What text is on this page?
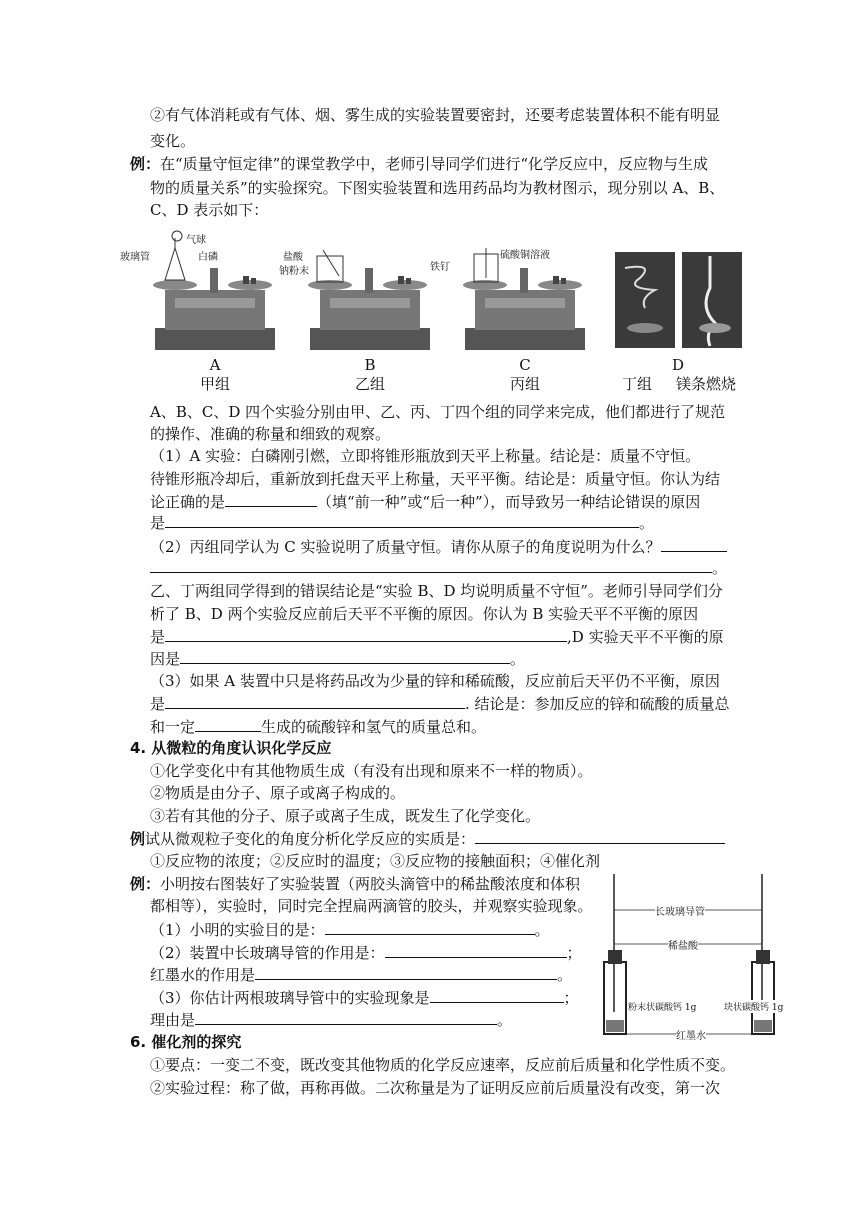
②有气体消耗或有气体、烟、雾生成的实验装置要密封，还要考虑装置体积不能有明显
变化。
例：在“质量守恒定律”的课堂教学中，老师引导同学们进行“化学反应中，反应物与生成
物的质量关系”的实验探究。下图实验装置和选用药品均为教材图示，现分别以 A、B、
C、D 表示如下：
玻璃管
气球
白磷	盐酸
钠粉末
硫酸铜溶液
铁钉
A	B	C	D
甲组	乙组	丙组	丁组	镁条燃烧
A、B、C、D 四个实验分别由甲、乙、丙、丁四个组的同学来完成，他们都进行了规范
的操作、准确的称量和细致的观察。
（1）A 实验：白磷刚引燃，立即将锥形瓶放到天平上称量。结论是：质量不守恒。
待锥形瓶冷却后，重新放到托盘天平上称量，天平平衡。结论是：质量守恒。你认为结
论正确的是	（填“前一种”或“后一种”），而导致另一种结论错误的原因
是	。
（2）丙组同学认为 C 实验说明了质量守恒。请你从原子的角度说明为什么？
。
乙、丁两组同学得到的错误结论是“实验 B、D 均说明质量不守恒”。老师引导同学们分
析了 B、D 两个实验反应前后天平不平衡的原因。你认为 B 实验天平不平衡的原因
是	,D 实验天平不平衡的原
因是	。
（3）如果 A 装置中只是将药品改为少量的锌和稀硫酸，反应前后天平仍不平衡，原因
是	. 结论是：参加反应的锌和硫酸的质量总
和一定	生成的硫酸锌和氢气的质量总和。
4. 从微粒的角度认识化学反应
①化学变化中有其他物质生成（有没有出现和原来不一样的物质）。
②物质是由分子、原子或离子构成的。
③若有其他的分子、原子或离子生成，既发生了化学变化。
例试从微观粒子变化的角度分析化学反应的实质是：
①反应物的浓度；②反应时的温度；③反应物的接触面积；④催化剂
例：小明按右图装好了实验装置（两胶头滴管中的稀盐酸浓度和体积
都相等），实验时，同时完全捏扁两滴管的胶头，并观察实验现象。
（1）小明的实验目的是：	。
（2）装置中长玻璃导管的作用是：	；
红墨水的作用是	。
（3）你估计两根玻璃导管中的实验现象是	；
理由是	。
6. 催化剂的探究
①要点：一变二不变，既改变其他物质的化学反应速率，反应前后质量和化学性质不变。
②实验过程：称了做，再称再做。二次称量是为了证明反应前后质量没有改变，第一次
长玻璃导管
稀盐酸
粉末状碳酸钙 1g	块状碳酸钙 1g
红墨水
